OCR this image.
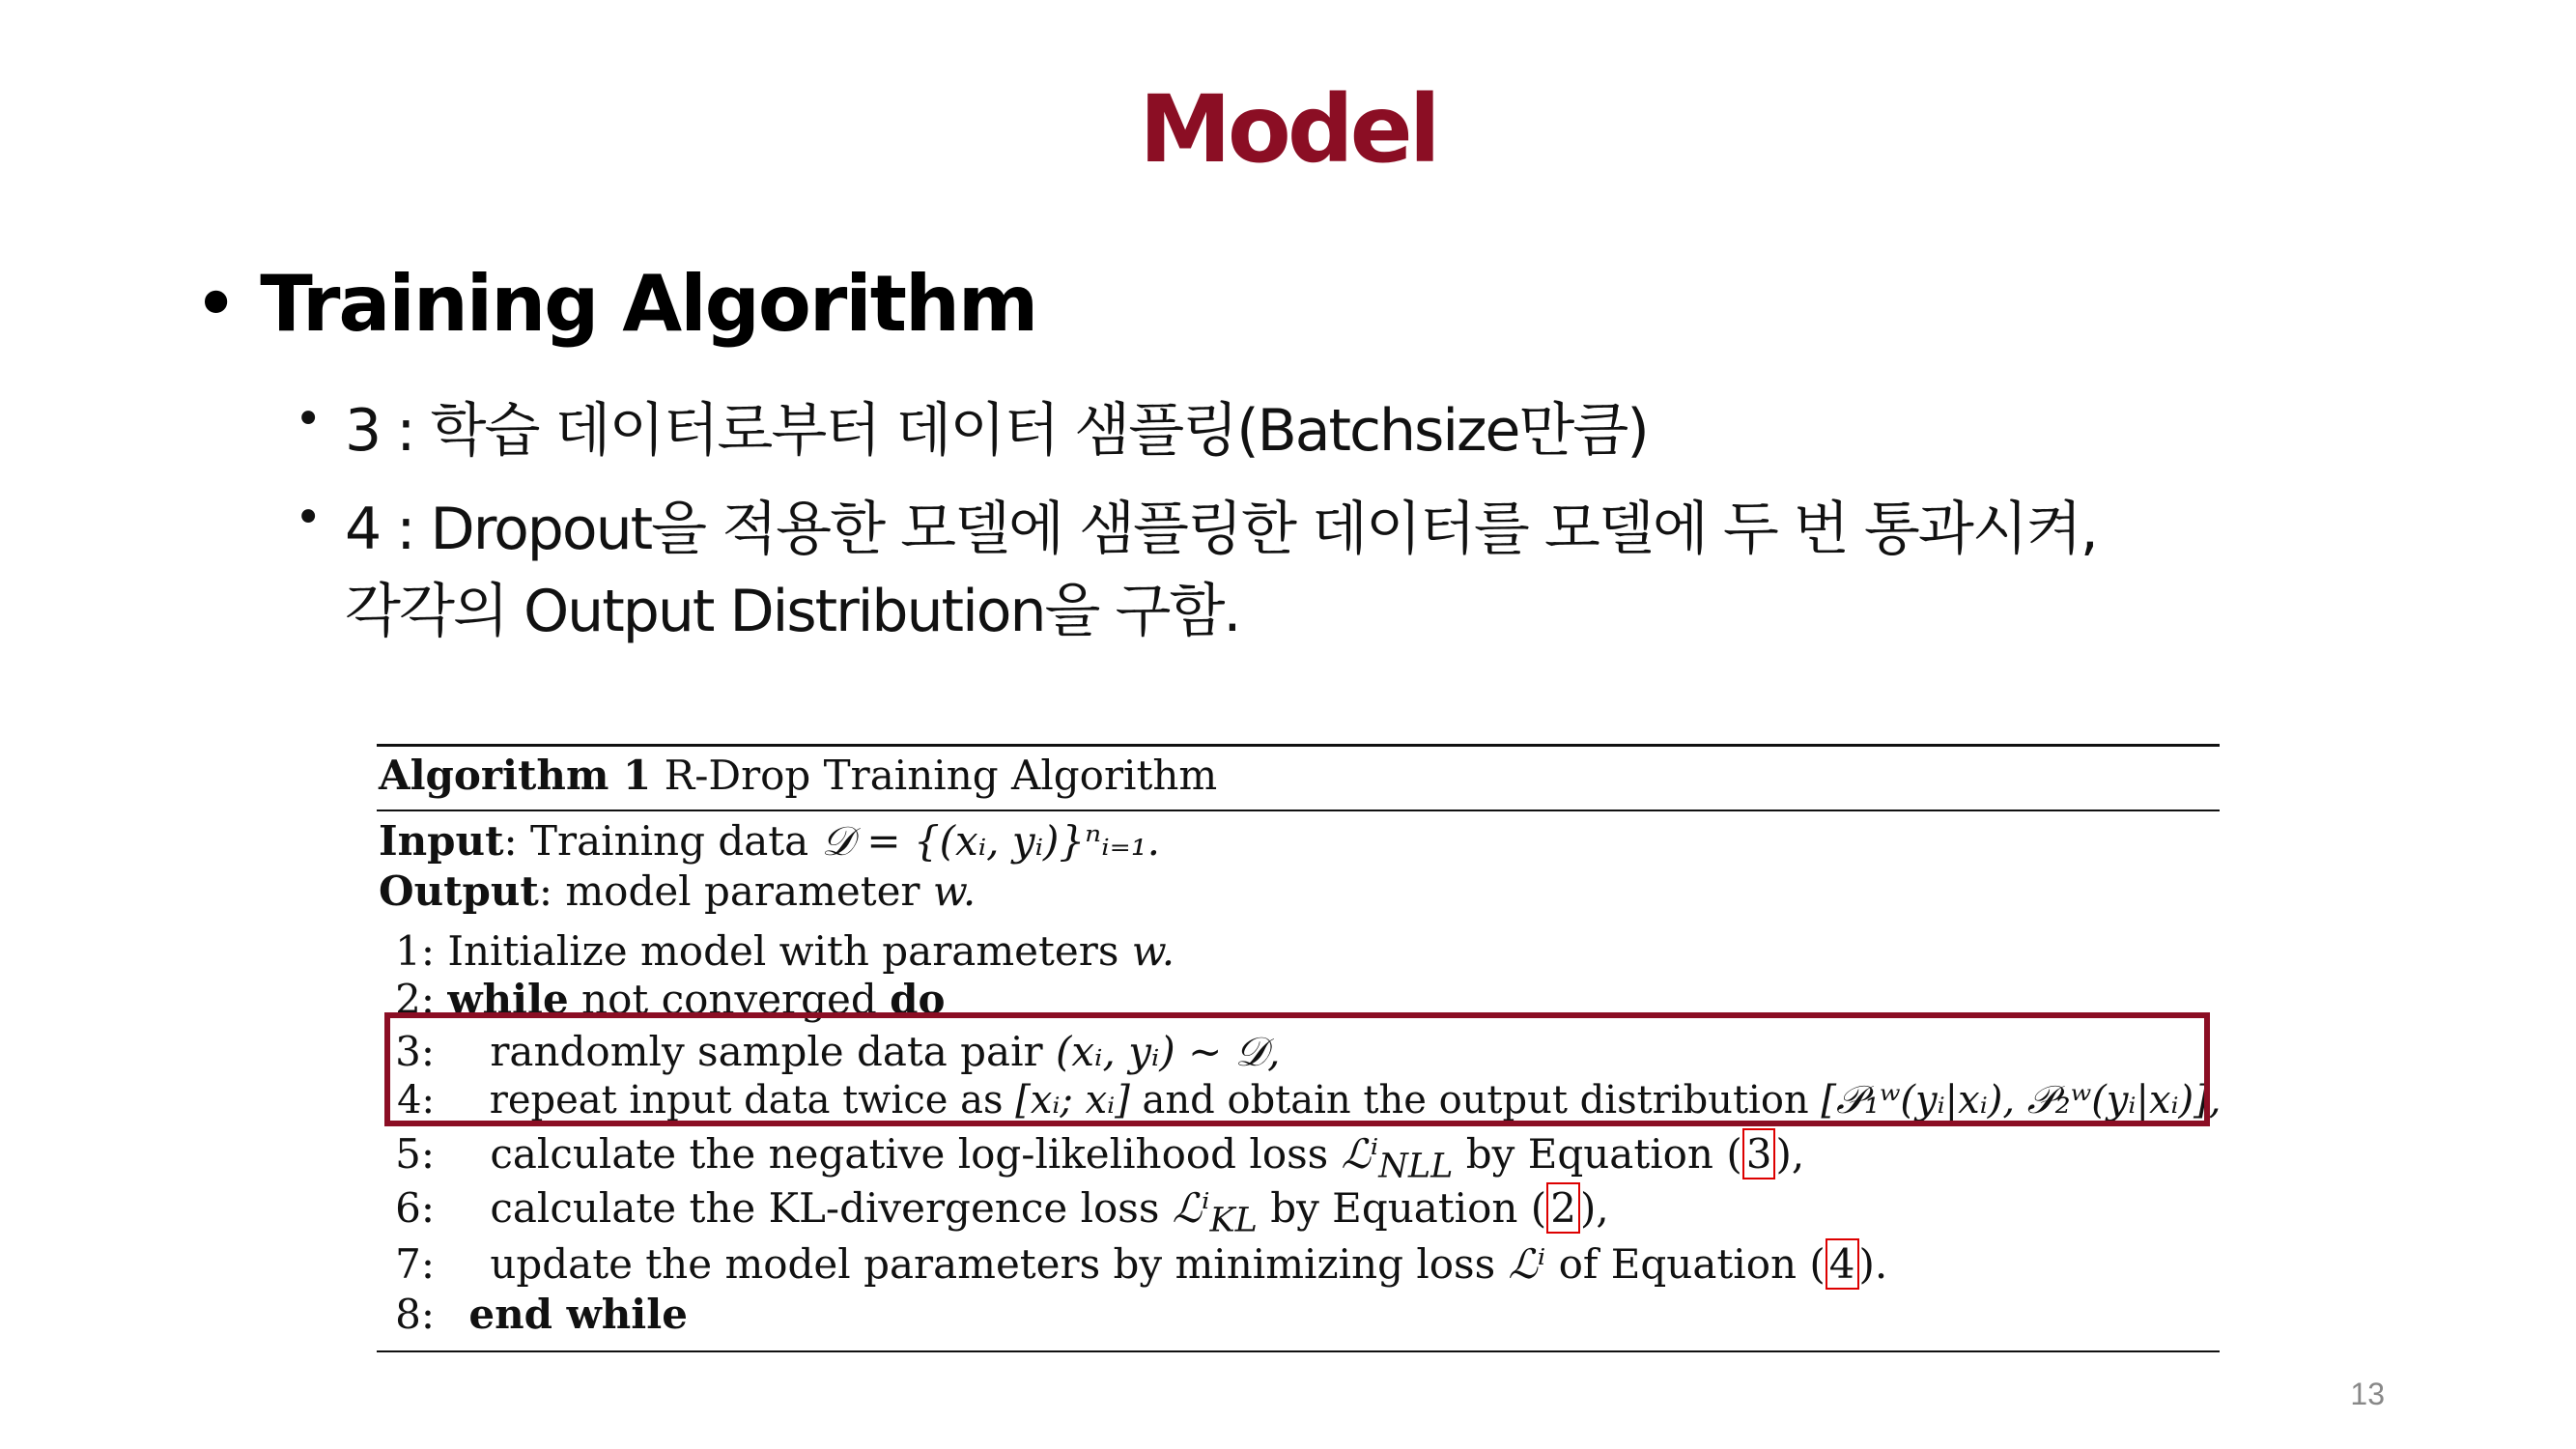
Model
• Training Algorithm
• 3 : 학습 데이터로부터 데이터 샘플링(Batchsize만큼)
• 4 : Dropout을 적용한 모델에 샘플링한 데이터를 모델에 두 번 통과시켜,
각각의 Output Distribution을 구함.
Algorithm 1 R-Drop Training Algorithm
Input: Training data 𝒟 = {(xᵢ, yᵢ)}ⁿᵢ₌₁.
Output: model parameter w.
1: Initialize model with parameters w.
2: while not converged do
3: randomly sample data pair (xᵢ, yᵢ) ∼ 𝒟,
4: repeat input data twice as [xᵢ; xᵢ] and obtain the output distribution [𝒫₁ʷ(yᵢ|xᵢ), 𝒫₂ʷ(yᵢ|xᵢ)],
5: calculate the negative log-likelihood loss ℒⁱ$_{NLL}$ by Equation (3),
6: calculate the KL-divergence loss ℒⁱ$_{KL}$ by Equation (2),
7: update the model parameters by minimizing loss ℒⁱ of Equation (4).
8: end while
13
